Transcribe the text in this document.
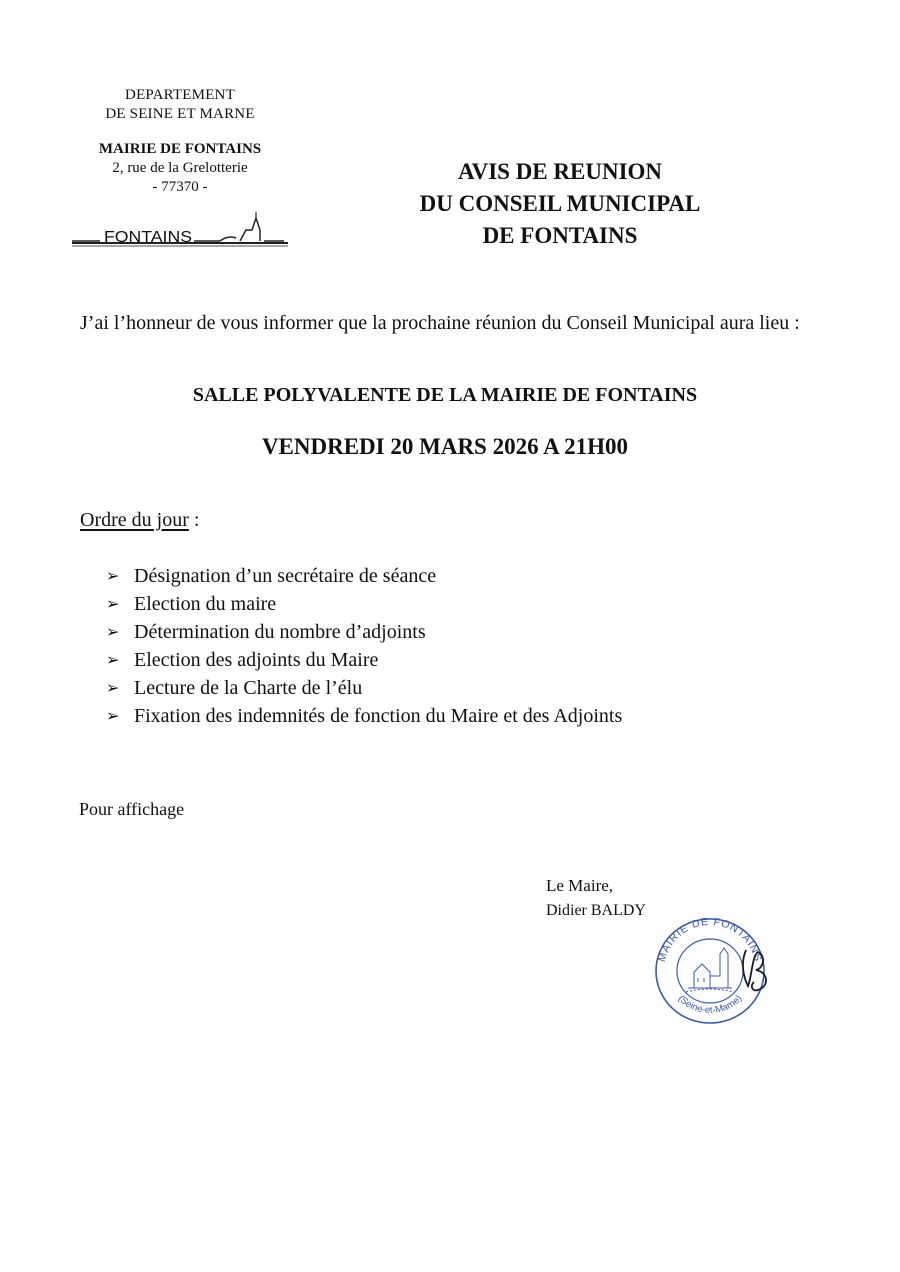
DEPARTEMENT
DE SEINE ET MARNE
MAIRIE DE FONTAINS
2, rue de la Grelotterie
- 77370 -
FONTAINS
AVIS DE REUNION
DU CONSEIL MUNICIPAL
DE FONTAINS
J’ai l’honneur de vous informer que la prochaine réunion du Conseil Municipal aura lieu :
SALLE POLYVALENTE DE LA MAIRIE DE FONTAINS
VENDREDI 20 MARS 2026 A 21H00
Ordre du jour :
➢ Désignation d’un secrétaire de séance
➢ Election du maire
➢ Détermination du nombre d’adjoints
➢ Election des adjoints du Maire
➢ Lecture de la Charte de l’élu
➢ Fixation des indemnités de fonction du Maire et des Adjoints
Pour affichage
Le Maire,
Didier BALDY
MAIRIE DE FONTAINS
(Seine-et-Marne)
